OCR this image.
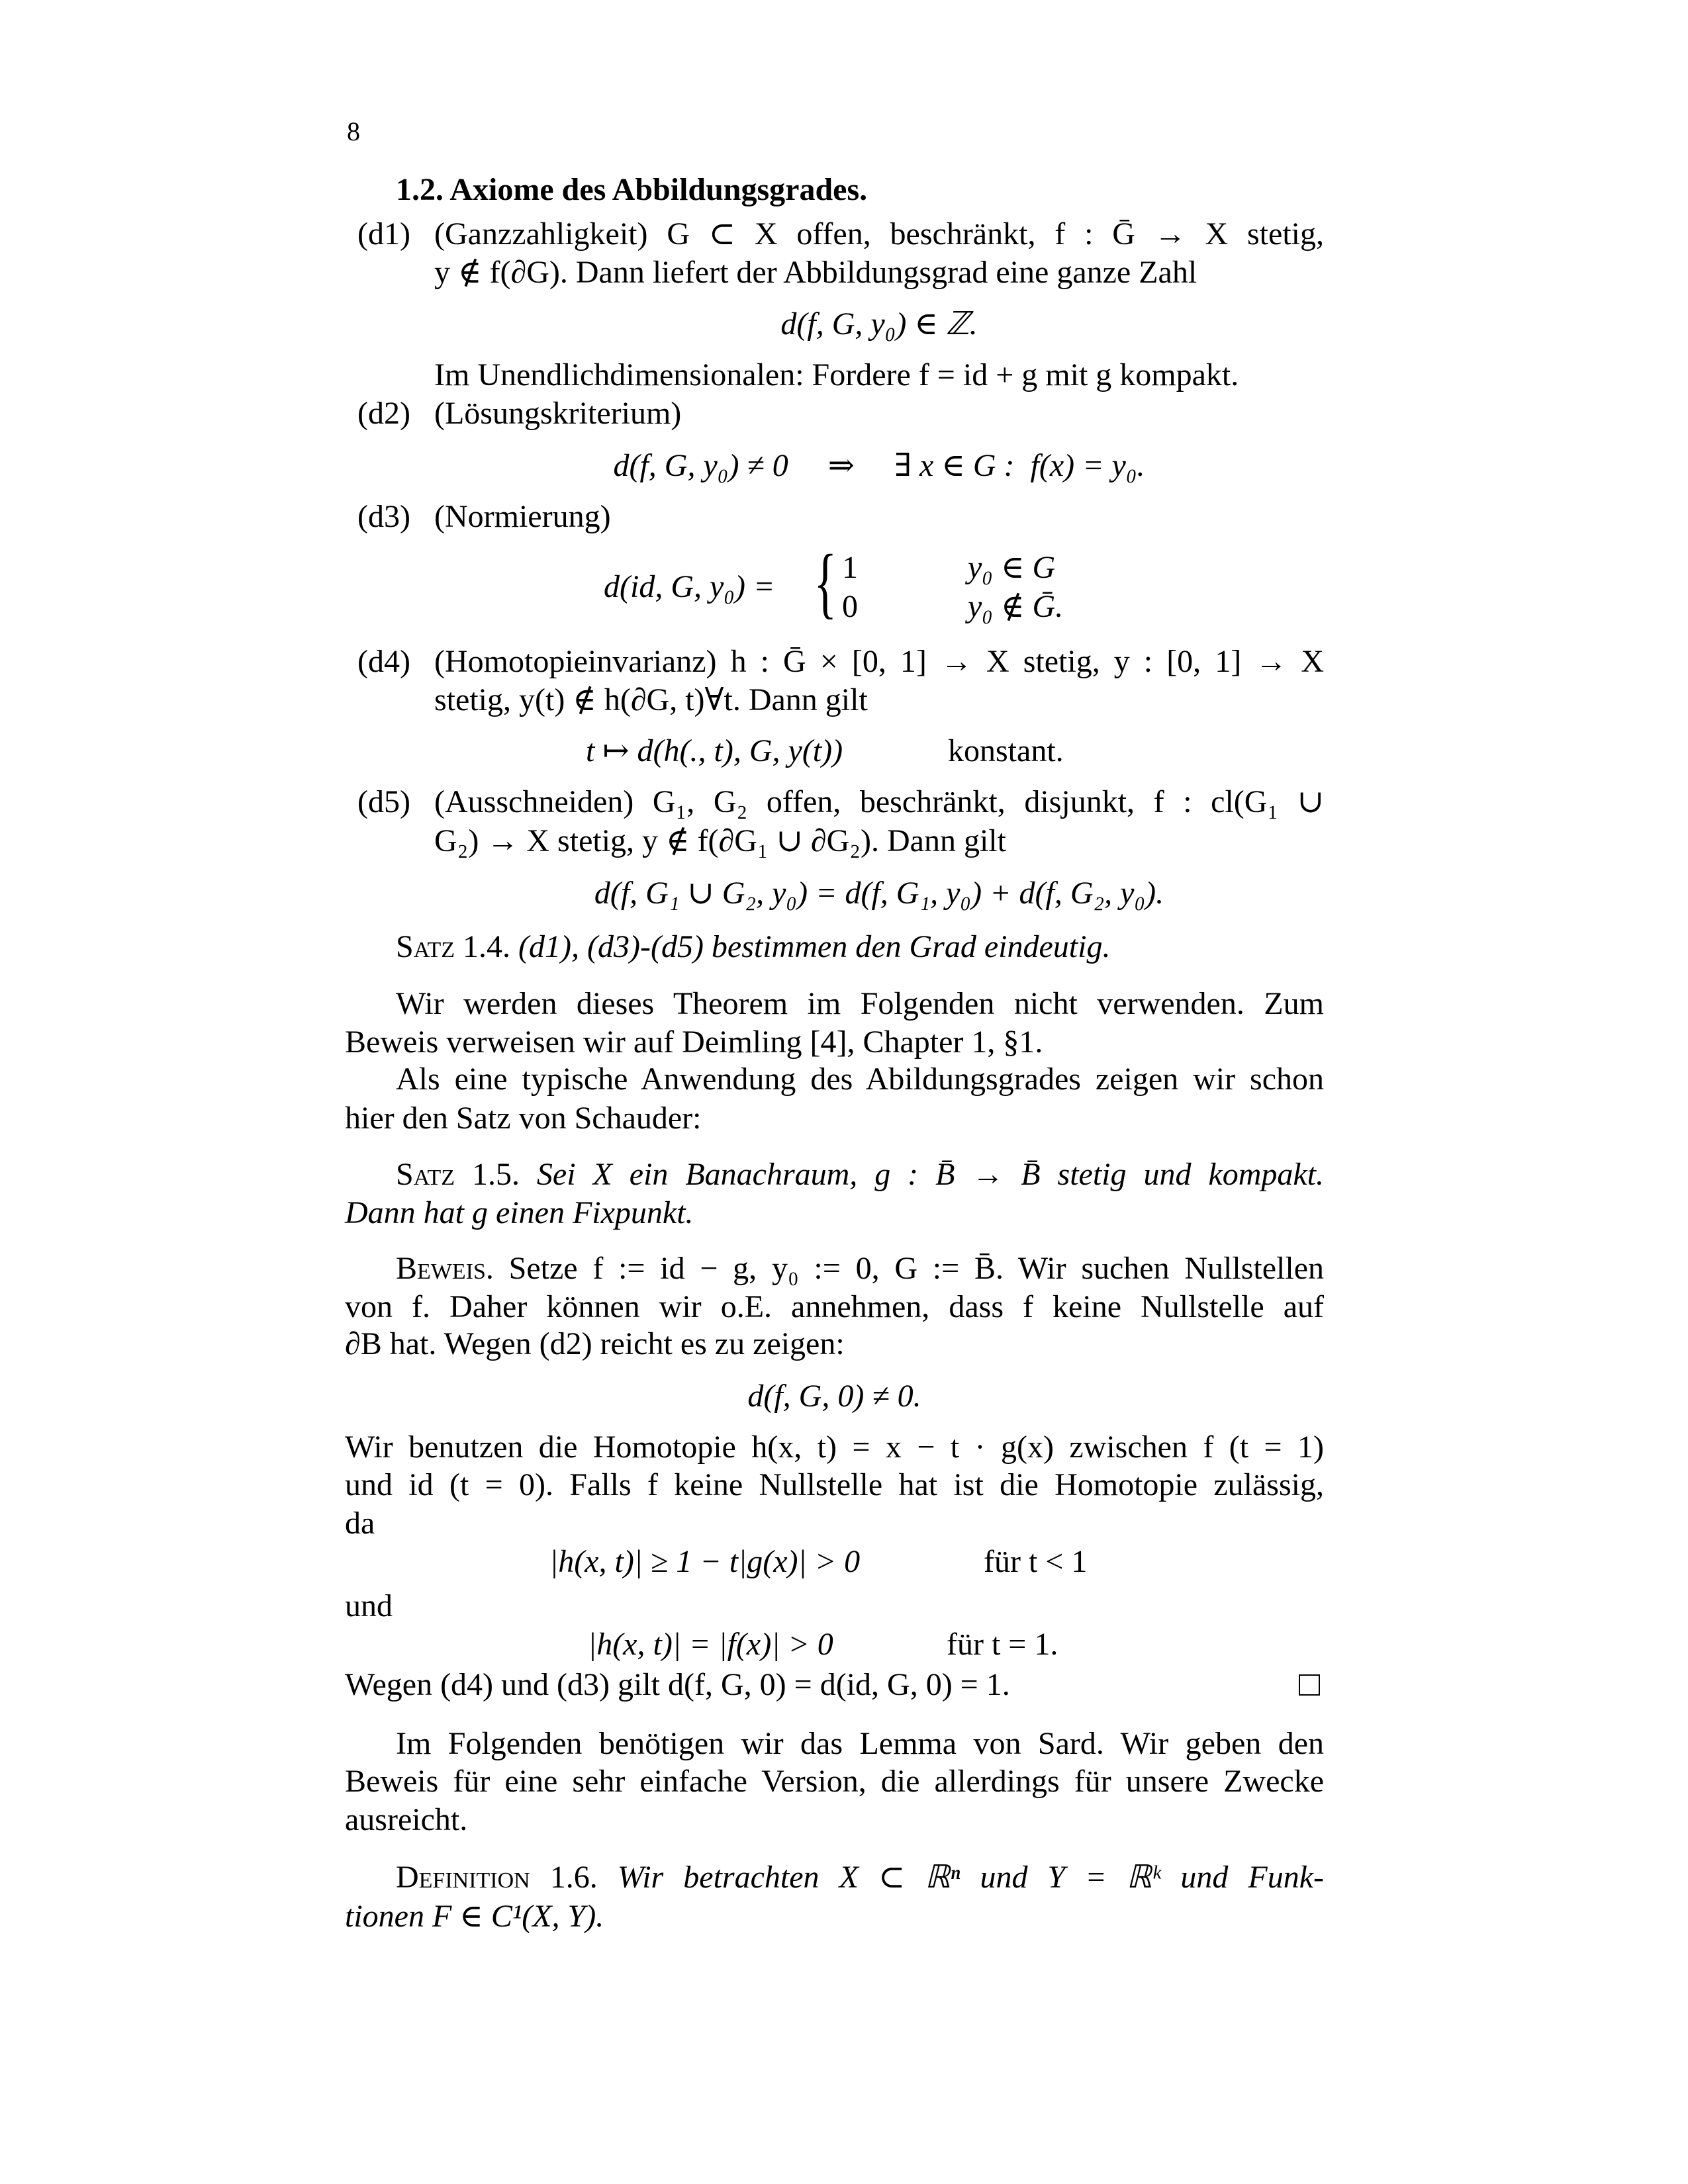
8
1.2. Axiome des Abbildungsgrades.
(d1) (Ganzzahligkeit) G ⊂ X offen, beschränkt, f : Ḡ → X stetig,
y ∉ f(∂G). Dann liefert der Abbildungsgrad eine ganze Zahl
d(f, G, y₀) ∈ ℤ.
Im Unendlichdimensionalen: Fordere f = id + g mit g kompakt.
(d2) (Lösungskriterium)
d(f, G, y₀) ≠ 0     ⇒     ∃ x ∈ G :  f(x) = y₀.
(d3) (Normierung)
d(id, G, y₀) = { 1	y₀ ∈ G
0	y₀ ∉ Ḡ.
(d4) (Homotopieinvarianz) h : Ḡ × [0, 1] → X stetig, y : [0, 1] → X
stetig, y(t) ∉ h(∂G, t)∀t. Dann gilt
t ↦ d(h(., t), G, y(t))	konstant.
(d5) (Ausschneiden) G₁, G₂ offen, beschränkt, disjunkt, f : cl(G₁ ∪
G₂) → X stetig, y ∉ f(∂G₁ ∪ ∂G₂). Dann gilt
d(f, G₁ ∪ G₂, y₀) = d(f, G₁, y₀) + d(f, G₂, y₀).
Satz 1.4. (d1), (d3)-(d5) bestimmen den Grad eindeutig.
Wir werden dieses Theorem im Folgenden nicht verwenden. Zum
Beweis verweisen wir auf Deimling [4], Chapter 1, §1.
Als eine typische Anwendung des Abildungsgrades zeigen wir schon
hier den Satz von Schauder:
Satz 1.5. Sei X ein Banachraum, g : B̄ → B̄ stetig und kompakt.
Dann hat g einen Fixpunkt.
Beweis. Setze f := id − g, y₀ := 0, G := B̄. Wir suchen Nullstellen
von f. Daher können wir o.E. annehmen, dass f keine Nullstelle auf
∂B hat. Wegen (d2) reicht es zu zeigen:
d(f, G, 0) ≠ 0.
Wir benutzen die Homotopie h(x, t) = x − t · g(x) zwischen f (t = 1)
und id (t = 0). Falls f keine Nullstelle hat ist die Homotopie zulässig,
da
|h(x, t)| ≥ 1 − t|g(x)| > 0	für t < 1
und
|h(x, t)| = |f(x)| > 0	für t = 1.
Wegen (d4) und (d3) gilt d(f, G, 0) = d(id, G, 0) = 1.
Im Folgenden benötigen wir das Lemma von Sard. Wir geben den
Beweis für eine sehr einfache Version, die allerdings für unsere Zwecke
ausreicht.
Definition 1.6. Wir betrachten X ⊂ ℝⁿ und Y = ℝᵏ und Funk-
tionen F ∈ C¹(X, Y).
